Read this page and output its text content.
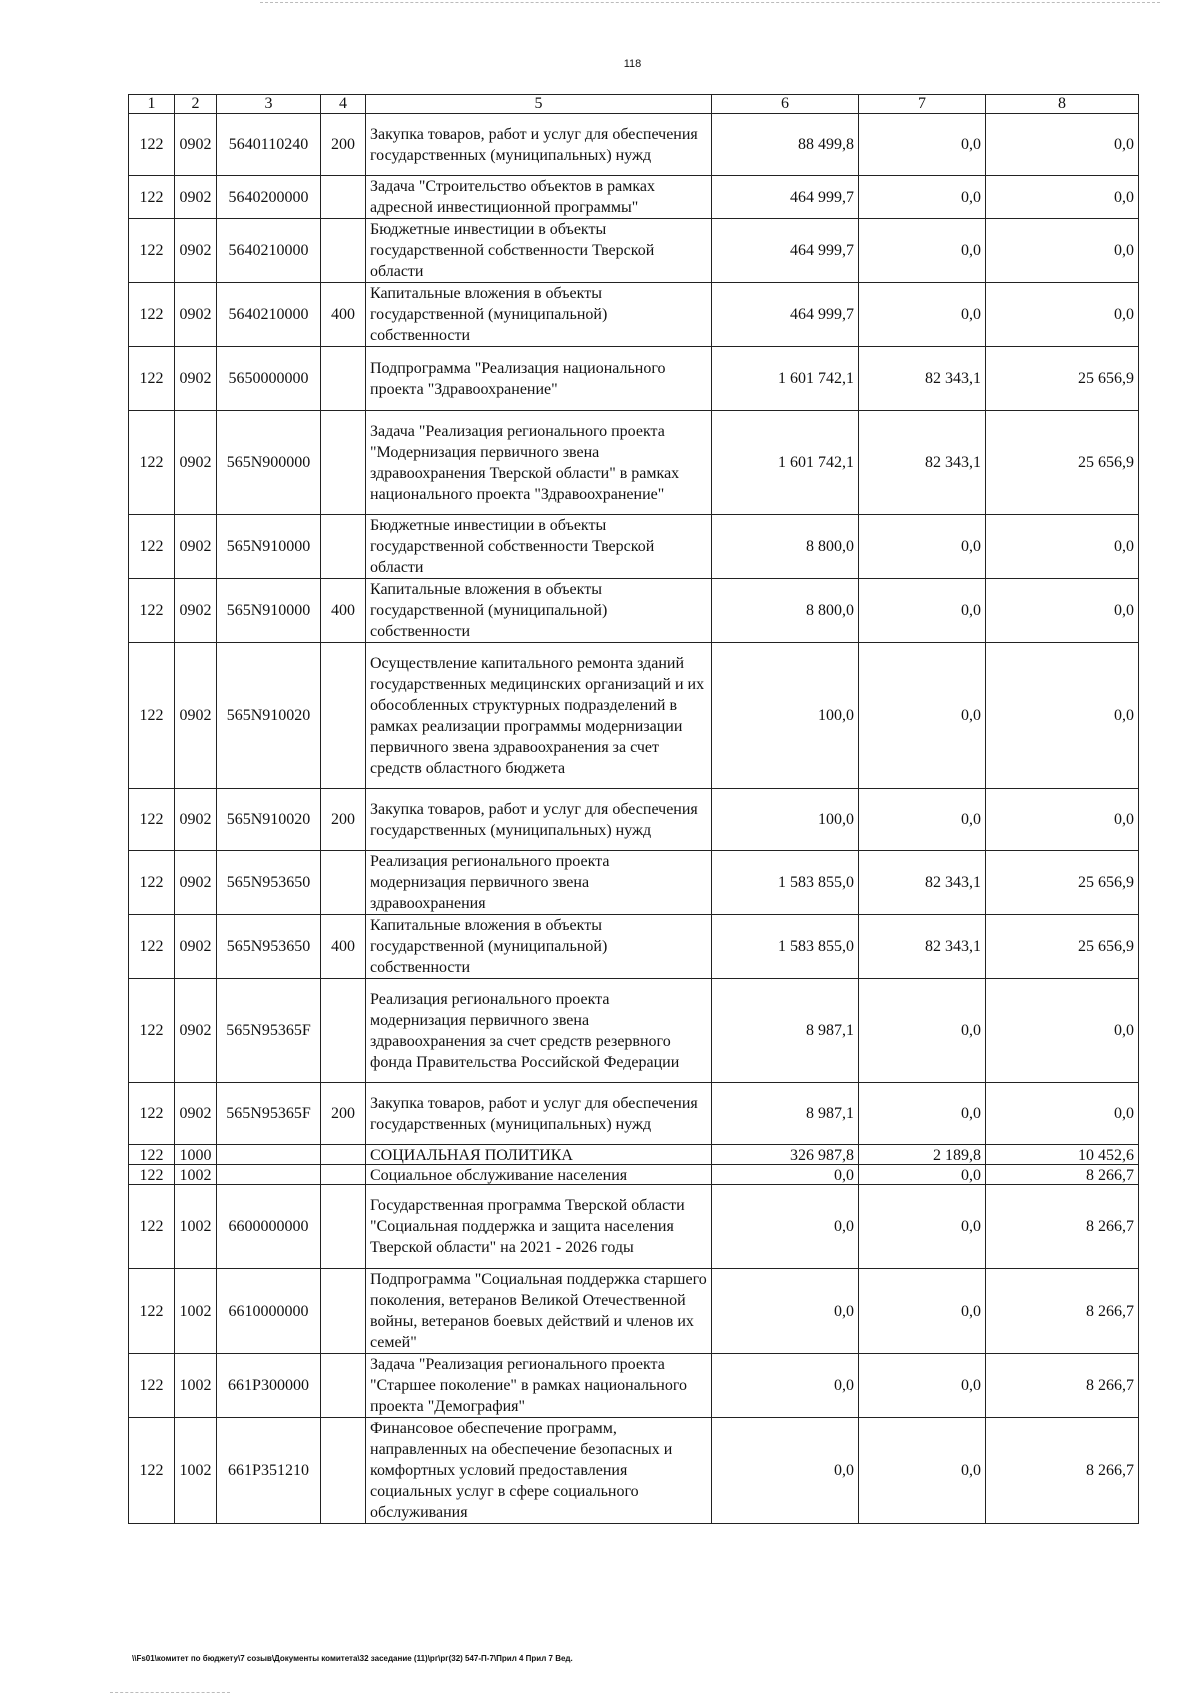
118
1	2	3	4	5	6	7	8
122	0902	5640110240	200	Закупка товаров, работ и услуг для обеспечения государственных (муниципальных) нужд	88 499,8	0,0	0,0
122	0902	5640200000		Задача "Строительство объектов в рамках адресной инвестиционной программы"	464 999,7	0,0	0,0
122	0902	5640210000		Бюджетные инвестиции в объекты государственной собственности Тверской области	464 999,7	0,0	0,0
122	0902	5640210000	400	Капитальные вложения в объекты государственной (муниципальной) собственности	464 999,7	0,0	0,0
122	0902	5650000000		Подпрограмма "Реализация национального проекта "Здравоохранение"	1 601 742,1	82 343,1	25 656,9
122	0902	565N900000		Задача "Реализация регионального проекта "Модернизация первичного звена здравоохранения Тверской области" в рамках национального проекта "Здравоохранение"	1 601 742,1	82 343,1	25 656,9
122	0902	565N910000		Бюджетные инвестиции в объекты государственной собственности Тверской области	8 800,0	0,0	0,0
122	0902	565N910000	400	Капитальные вложения в объекты государственной (муниципальной) собственности	8 800,0	0,0	0,0
122	0902	565N910020		Осуществление капитального ремонта зданий государственных медицинских организаций и их обособленных структурных подразделений в рамках реализации программы модернизации первичного звена здравоохранения за счет средств областного бюджета	100,0	0,0	0,0
122	0902	565N910020	200	Закупка товаров, работ и услуг для обеспечения государственных (муниципальных) нужд	100,0	0,0	0,0
122	0902	565N953650		Реализация регионального проекта модернизация первичного звена здравоохранения	1 583 855,0	82 343,1	25 656,9
122	0902	565N953650	400	Капитальные вложения в объекты государственной (муниципальной) собственности	1 583 855,0	82 343,1	25 656,9
122	0902	565N95365F		Реализация регионального проекта модернизация первичного звена здравоохранения за счет средств резервного фонда Правительства Российской Федерации	8 987,1	0,0	0,0
122	0902	565N95365F	200	Закупка товаров, работ и услуг для обеспечения государственных (муниципальных) нужд	8 987,1	0,0	0,0
122	1000			СОЦИАЛЬНАЯ ПОЛИТИКА	326 987,8	2 189,8	10 452,6
122	1002			Социальное обслуживание населения	0,0	0,0	8 266,7
122	1002	6600000000		Государственная программа Тверской области "Социальная поддержка и защита населения Тверской области" на 2021 - 2026 годы	0,0	0,0	8 266,7
122	1002	6610000000		Подпрограмма "Социальная поддержка старшего поколения, ветеранов Великой Отечественной войны, ветеранов боевых действий и членов их семей"	0,0	0,0	8 266,7
122	1002	661P300000		Задача "Реализация регионального проекта "Старшее поколение" в рамках национального проекта "Демография"	0,0	0,0	8 266,7
122	1002	661P351210		Финансовое обеспечение программ, направленных на обеспечение безопасных и комфортных условий предоставления социальных услуг в сфере социального обслуживания	0,0	0,0	8 266,7
\\Fs01\комитет по бюджету\7 созыв\Документы комитета\32 заседание (11)\рг\рг(32) 547-П-7\Прил 4 Прил 7 Вед.
